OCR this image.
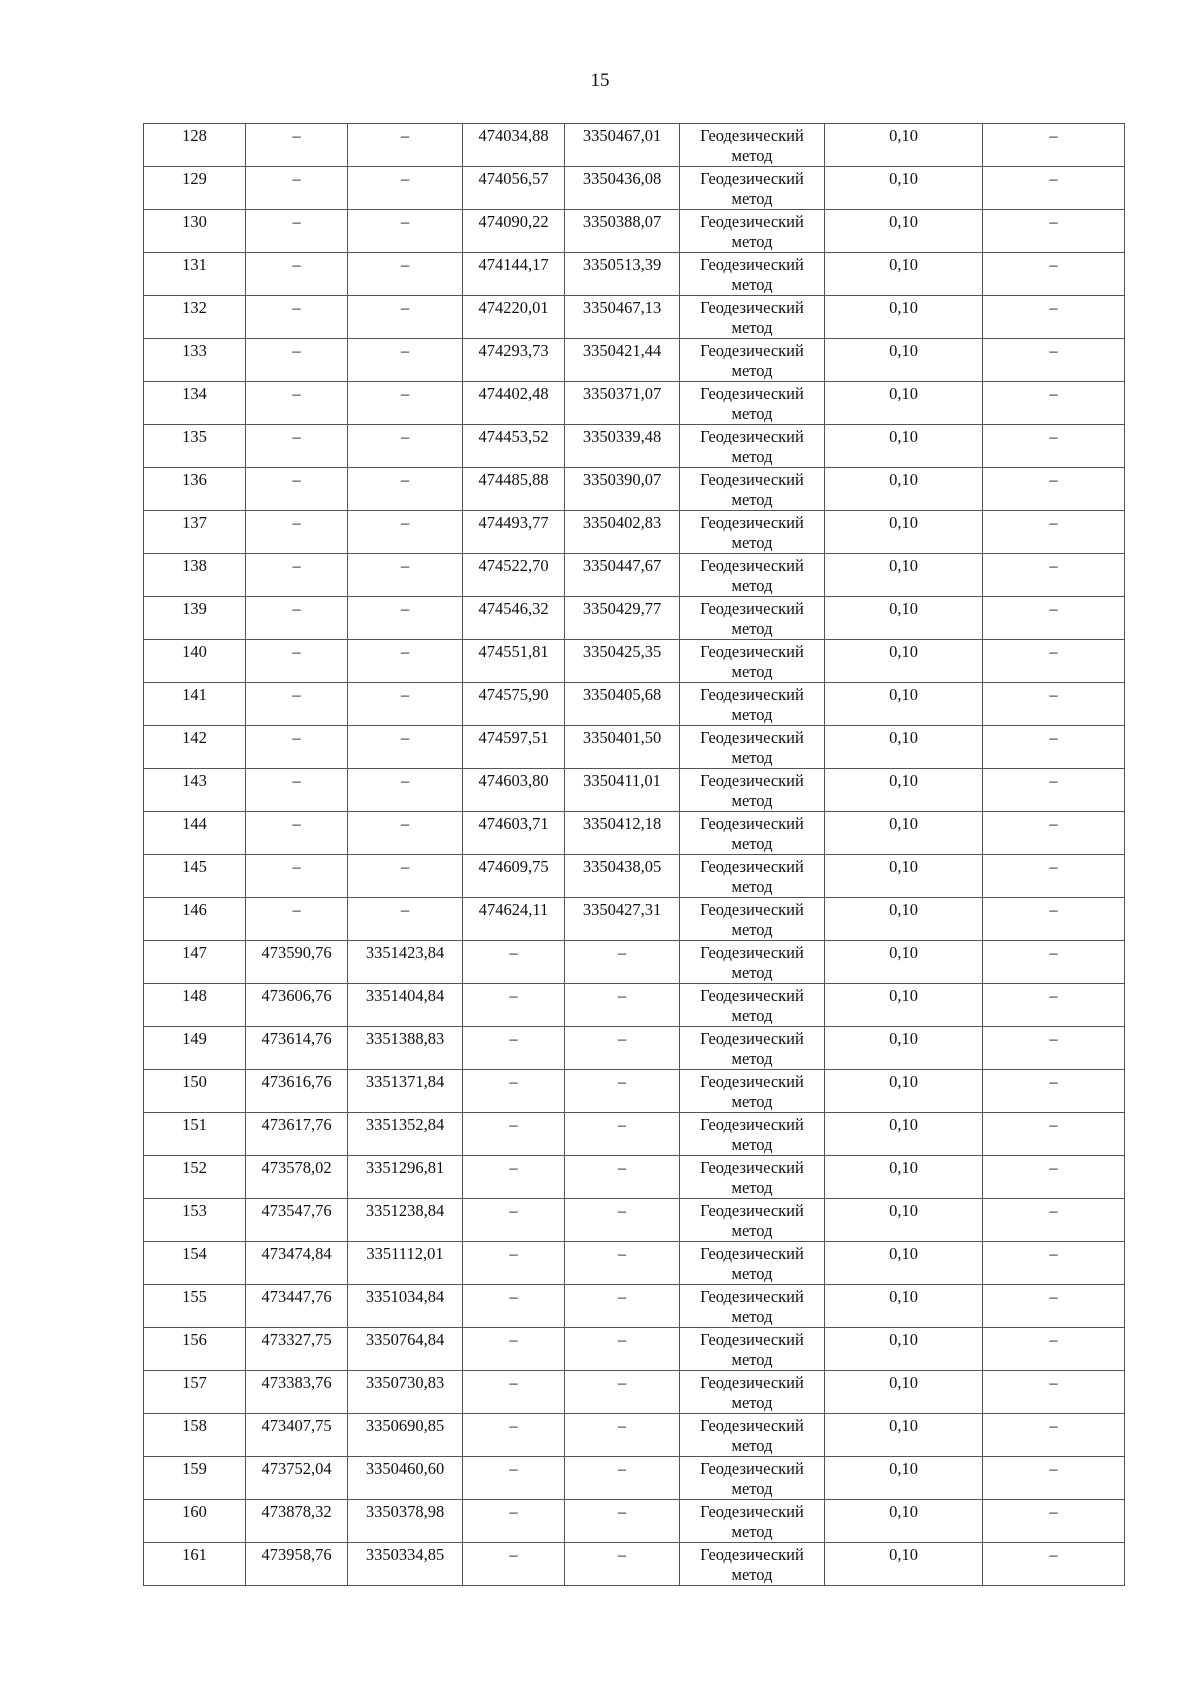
15
128	–	–	474034,88	3350467,01	Геодезический метод	0,10	–
129	–	–	474056,57	3350436,08	Геодезический метод	0,10	–
130	–	–	474090,22	3350388,07	Геодезический метод	0,10	–
131	–	–	474144,17	3350513,39	Геодезический метод	0,10	–
132	–	–	474220,01	3350467,13	Геодезический метод	0,10	–
133	–	–	474293,73	3350421,44	Геодезический метод	0,10	–
134	–	–	474402,48	3350371,07	Геодезический метод	0,10	–
135	–	–	474453,52	3350339,48	Геодезический метод	0,10	–
136	–	–	474485,88	3350390,07	Геодезический метод	0,10	–
137	–	–	474493,77	3350402,83	Геодезический метод	0,10	–
138	–	–	474522,70	3350447,67	Геодезический метод	0,10	–
139	–	–	474546,32	3350429,77	Геодезический метод	0,10	–
140	–	–	474551,81	3350425,35	Геодезический метод	0,10	–
141	–	–	474575,90	3350405,68	Геодезический метод	0,10	–
142	–	–	474597,51	3350401,50	Геодезический метод	0,10	–
143	–	–	474603,80	3350411,01	Геодезический метод	0,10	–
144	–	–	474603,71	3350412,18	Геодезический метод	0,10	–
145	–	–	474609,75	3350438,05	Геодезический метод	0,10	–
146	–	–	474624,11	3350427,31	Геодезический метод	0,10	–
147	473590,76	3351423,84	–	–	Геодезический метод	0,10	–
148	473606,76	3351404,84	–	–	Геодезический метод	0,10	–
149	473614,76	3351388,83	–	–	Геодезический метод	0,10	–
150	473616,76	3351371,84	–	–	Геодезический метод	0,10	–
151	473617,76	3351352,84	–	–	Геодезический метод	0,10	–
152	473578,02	3351296,81	–	–	Геодезический метод	0,10	–
153	473547,76	3351238,84	–	–	Геодезический метод	0,10	–
154	473474,84	3351112,01	–	–	Геодезический метод	0,10	–
155	473447,76	3351034,84	–	–	Геодезический метод	0,10	–
156	473327,75	3350764,84	–	–	Геодезический метод	0,10	–
157	473383,76	3350730,83	–	–	Геодезический метод	0,10	–
158	473407,75	3350690,85	–	–	Геодезический метод	0,10	–
159	473752,04	3350460,60	–	–	Геодезический метод	0,10	–
160	473878,32	3350378,98	–	–	Геодезический метод	0,10	–
161	473958,76	3350334,85	–	–	Геодезический метод	0,10	–
